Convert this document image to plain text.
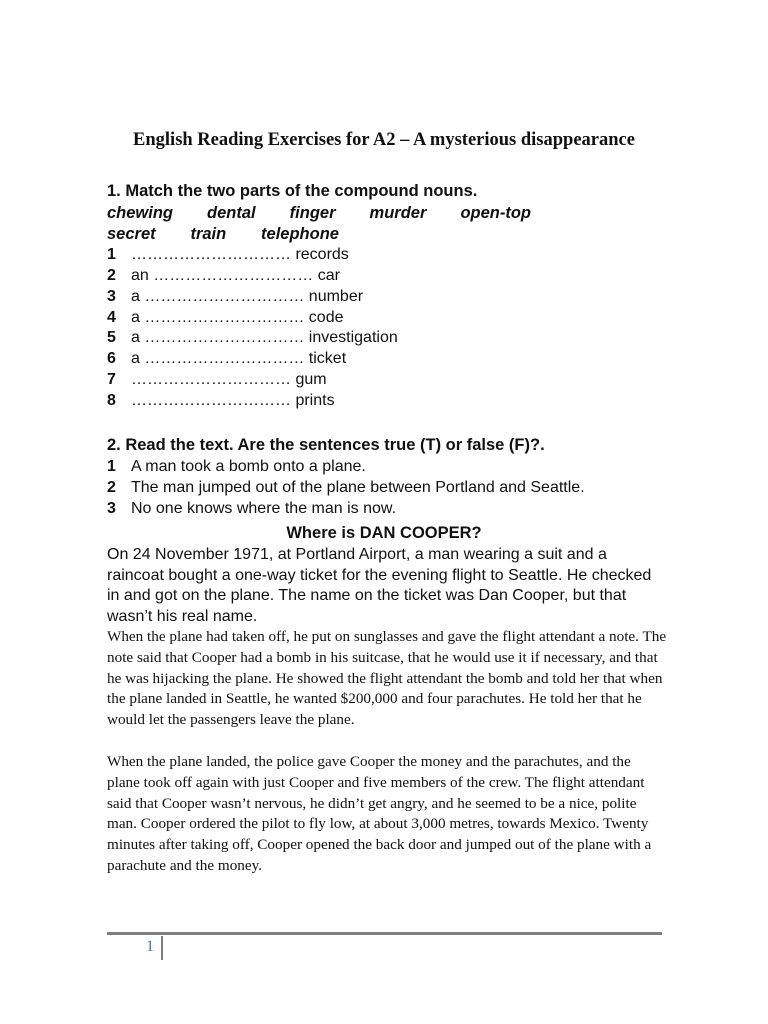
English Reading Exercises for A2 – A mysterious disappearance
1. Match the two parts of the compound nouns.
chewing dental finger murder open-top
secret train telephone
1 ………………………… records
2 an ………………………… car
3 a ………………………… number
4 a ………………………… code
5 a ………………………… investigation
6 a ………………………… ticket
7 ………………………… gum
8 ………………………… prints
2. Read the text. Are the sentences true (T) or false (F)?.
1 A man took a bomb onto a plane.
2 The man jumped out of the plane between Portland and Seattle.
3 No one knows where the man is now.
Where is DAN COOPER?

On 24 November 1971, at Portland Airport, a man wearing a suit and a raincoat bought a one-way ticket for the evening flight to Seattle. He checked in and got on the plane. The name on the ticket was Dan Cooper, but that wasn’t his real name.

When the plane had taken off, he put on sunglasses and gave the flight attendant a note. The note said that Cooper had a bomb in his suitcase, that he would use it if necessary, and that he was hijacking the plane. He showed the flight attendant the bomb and told her that when the plane landed in Seattle, he wanted $200,000 and four parachutes. He told her that he would let the passengers leave the plane.

When the plane landed, the police gave Cooper the money and the parachutes, and the plane took off again with just Cooper and five members of the crew. The flight attendant said that Cooper wasn’t nervous, he didn’t get angry, and he seemed to be a nice, polite man. Cooper ordered the pilot to fly low, at about 3,000 metres, towards Mexico. Twenty minutes after taking off, Cooper opened the back door and jumped out of the plane with a parachute and the money.

1
